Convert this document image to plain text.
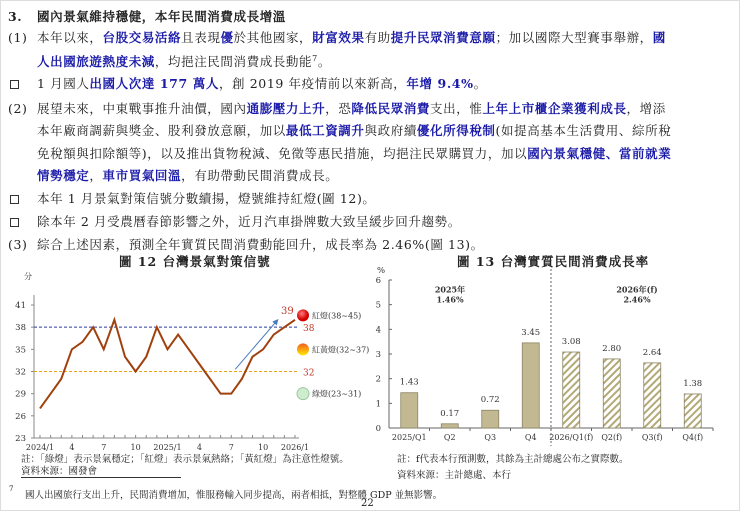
3. 國內景氣維持穩健，本年民間消費成長增溫
(1) 本年以來，台股交易活絡且表現優於其他國家，財富效果有助提升民眾消費意願；加以國際大型賽事舉辦，國
人出國旅遊熱度未減，均挹注民間消費成長動能$^7$。
1 月國人出國人次達 177 萬人，創 2019 年疫情前以來新高，年增 9.4%。
(2) 展望未來，中東戰事推升油價，國內通膨壓力上升，恐降低民眾消費支出，惟上年上市櫃企業獲利成長，增添
本年廠商調薪與獎金、股利發放意願，加以最低工資調升與政府續優化所得稅制(如提高基本生活費用、綜所稅
免稅額與扣除額等)，以及推出貨物稅減、免徵等惠民措施，均挹注民眾購買力，加以國內景氣穩健、當前就業
情勢穩定，車市買氣回溫，有助帶動民間消費成長。
本年 1 月景氣對策信號分數續揚，燈號維持紅燈(圖 12)。
除本年 2 月受農曆春節影響之外，近月汽車掛牌數大致呈緩步回升趨勢。
(3) 綜合上述因素，預測全年實質民間消費動能回升，成長率為 2.46%(圖 13)。
圖 12 台灣景氣對策信號
分
23
26
29
32
35
38
41
2024/1 4	7	10 2025/1 4	7	10 2026/1
38
32
39 紅燈(38~45)
紅黃燈(32~37)
綠燈(23~31)
註：「綠燈」表示景氣穩定；「紅燈」表示景氣熱絡；「黃紅燈」為注意性燈號。
資料來源：國發會
圖 13 台灣實質民間消費成長率
%
0
1
2
3
4
5
6
1.43
2025/Q1
0.17
Q2
0.72
Q3
3.45
Q4
3.08
2026/Q1(f)
2.80
Q2(f)
2.64
Q3(f)
1.38
Q4(f)
2025年
1.46%
2026年(f)
2.46%
註：f代表本行預測數，其餘為主計總處公布之實際數。
資料來源：主計總處、本行
7
國人出國旅行支出上升，民間消費增加，惟服務輸入同步提高，兩者相抵，對整體 GDP 並無影響。
22
